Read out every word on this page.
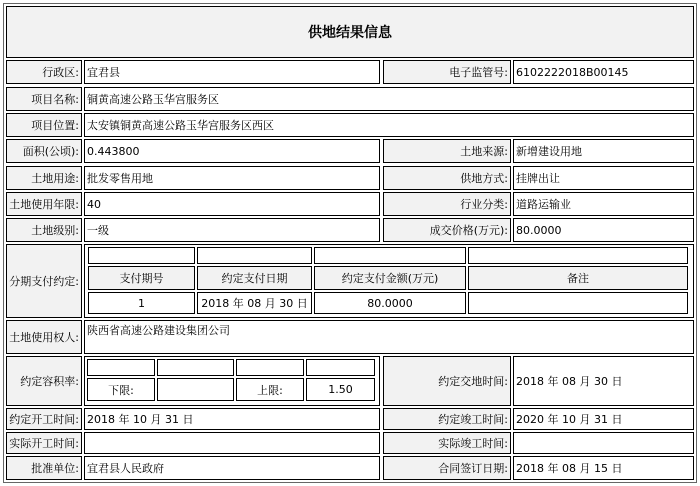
供地结果信息
行政区: 宜君县	电子监管号: 6102222018B00145
项目名称: 铜黄高速公路玉华宫服务区
项目位置: 太安镇铜黄高速公路玉华宫服务区西区
面积(公顷): 0.443800	土地来源: 新增建设用地
土地用途: 批发零售用地	供地方式: 挂牌出让
土地使用年限: 40	行业分类: 道路运输业
土地级别: 一级	成交价格(万元): 80.0000
分期支付约定:	支付期号	约定支付日期	约定支付金额(万元)	备注
1	2018 年 08 月 30 日	80.0000
土地使用权人:
陕西省高速公路建设集团公司
约定容积率:
下限:	上限:	1.50
约定交地时间: 2018 年 08 月 30 日
约定开工时间: 2018 年 10 月 31 日	约定竣工时间: 2020 年 10 月 31 日
实际开工时间:	实际竣工时间:
批准单位: 宜君县人民政府	合同签订日期: 2018 年 08 月 15 日
